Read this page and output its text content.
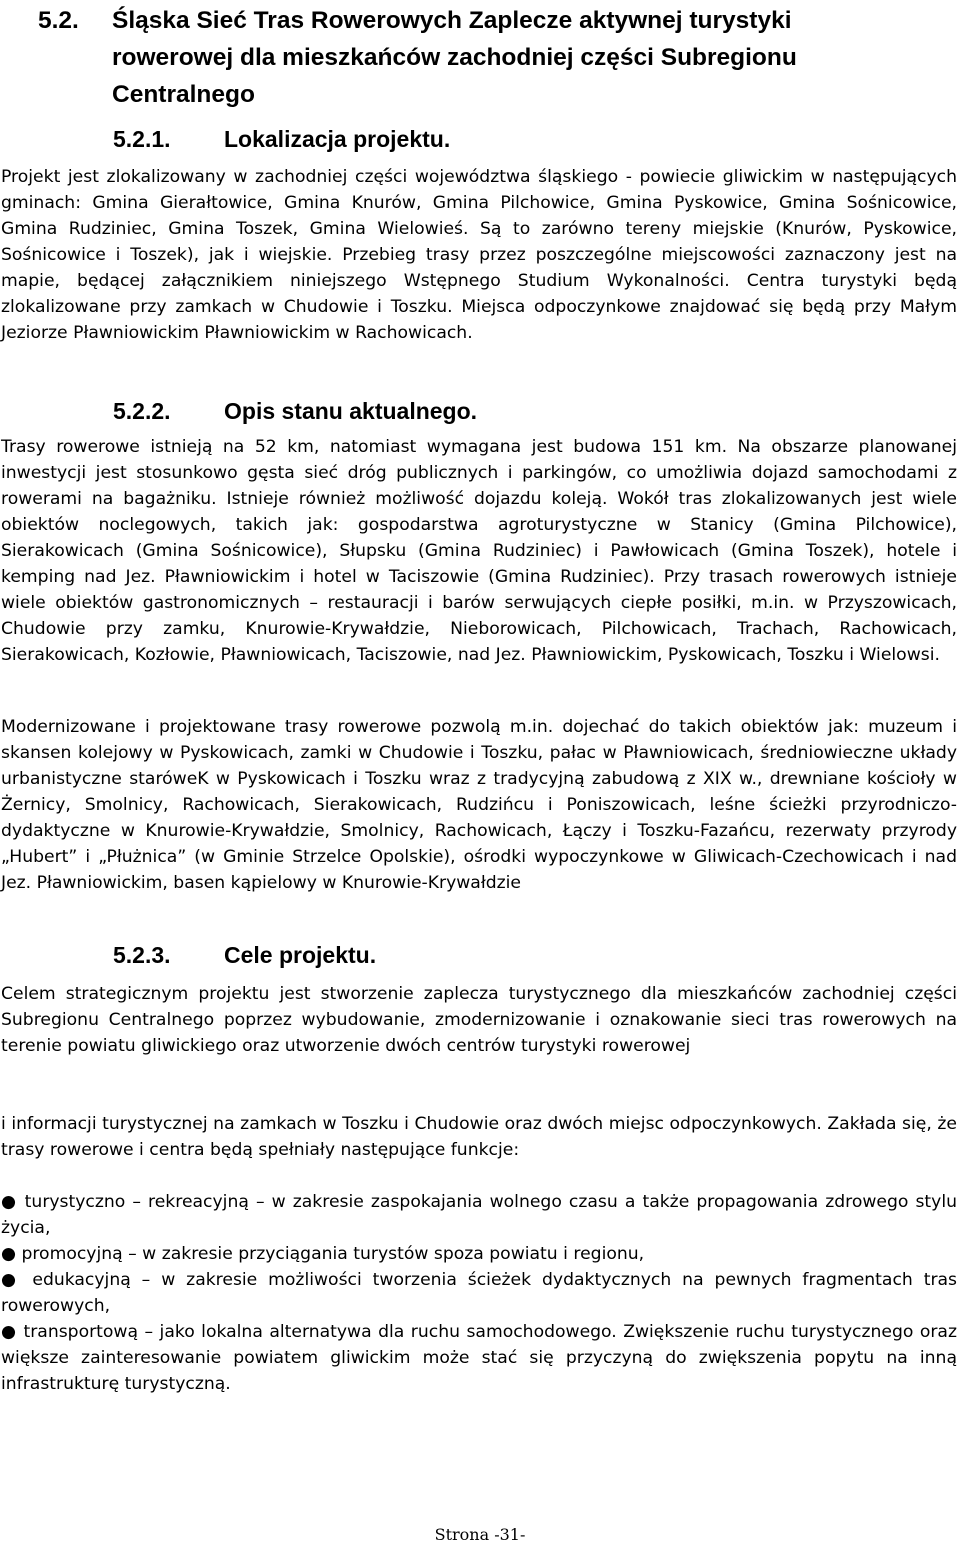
5.2. Śląska Sieć Tras Rowerowych Zaplecze aktywnej turystyki
rowerowej dla mieszkańców zachodniej części Subregionu
Centralnego
5.2.1. Lokalizacja projektu.

Projekt jest zlokalizowany w zachodniej części województwa śląskiego - powiecie gliwickim w następujących gminach: Gmina Gierałtowice, Gmina Knurów, Gmina Pilchowice, Gmina Pyskowice, Gmina Sośnicowice, Gmina Rudziniec, Gmina Toszek, Gmina Wielowieś. Są to zarówno tereny miejskie (Knurów, Pyskowice, Sośnicowice i Toszek), jak i wiejskie. Przebieg trasy przez poszczególne miejscowości zaznaczony jest na mapie, będącej załącznikiem niniejszego Wstępnego Studium Wykonalności. Centra turystyki będą zlokalizowane przy zamkach w Chudowie i Toszku. Miejsca odpoczynkowe znajdować się będą przy Małym Jeziorze Pławniowickim Pławniowickim w Rachowicach.

5.2.2. Opis stanu aktualnego.

Trasy rowerowe istnieją na 52 km, natomiast wymagana jest budowa 151 km. Na obszarze planowanej inwestycji jest stosunkowo gęsta sieć dróg publicznych i parkingów, co umożliwia dojazd samochodami z rowerami na bagażniku. Istnieje również możliwość dojazdu koleją. Wokół tras zlokalizowanych jest wiele obiektów noclegowych, takich jak: gospodarstwa agroturystyczne w Stanicy (Gmina Pilchowice), Sierakowicach (Gmina Sośnicowice), Słupsku (Gmina Rudziniec) i Pawłowicach (Gmina Toszek), hotele i kemping nad Jez. Pławniowickim i hotel w Taciszowie (Gmina Rudziniec). Przy trasach rowerowych istnieje wiele obiektów gastronomicznych – restauracji i barów serwujących ciepłe posiłki, m.in. w Przyszowicach, Chudowie przy zamku, Knurowie-Krywałdzie, Nieborowicach, Pilchowicach, Trachach, Rachowicach, Sierakowicach, Kozłowie, Pławniowicach, Taciszowie, nad Jez. Pławniowickim, Pyskowicach, Toszku i Wielowsi.

Modernizowane i projektowane trasy rowerowe pozwolą m.in. dojechać do takich obiektów jak: muzeum i skansen kolejowy w Pyskowicach, zamki w Chudowie i Toszku, pałac w Pławniowicach, średniowieczne układy urbanistyczne staróweK w Pyskowicach i Toszku wraz z tradycyjną zabudową z XIX w., drewniane kościoły w Żernicy, Smolnicy, Rachowicach, Sierakowicach, Rudzińcu i Poniszowicach, leśne ścieżki przyrodniczo-dydaktyczne w Knurowie-Krywałdzie, Smolnicy, Rachowicach, Łączy i Toszku-Fazańcu, rezerwaty przyrody „Hubert” i „Płużnica” (w Gminie Strzelce Opolskie), ośrodki wypoczynkowe w Gliwicach-Czechowicach i nad Jez. Pławniowickim, basen kąpielowy w Knurowie-Krywałdzie

5.2.3. Cele projektu.

Celem strategicznym projektu jest stworzenie zaplecza turystycznego dla mieszkańców zachodniej części Subregionu Centralnego poprzez wybudowanie, zmodernizowanie i oznakowanie sieci tras rowerowych na terenie powiatu gliwickiego oraz utworzenie dwóch centrów turystyki rowerowej

i informacji turystycznej na zamkach w Toszku i Chudowie oraz dwóch miejsc odpoczynkowych. Zakłada się, że trasy rowerowe i centra będą spełniały następujące funkcje:

● turystyczno – rekreacyjną – w zakresie zaspokajania wolnego czasu a także propagowania zdrowego stylu życia,
● promocyjną – w zakresie przyciągania turystów spoza powiatu i regionu,
● edukacyjną – w zakresie możliwości tworzenia ścieżek dydaktycznych na pewnych fragmentach tras rowerowych,
● transportową – jako lokalna alternatywa dla ruchu samochodowego. Zwiększenie ruchu turystycznego oraz większe zainteresowanie powiatem gliwickim może stać się przyczyną do zwiększenia popytu na inną infrastrukturę turystyczną.
Strona -31-
